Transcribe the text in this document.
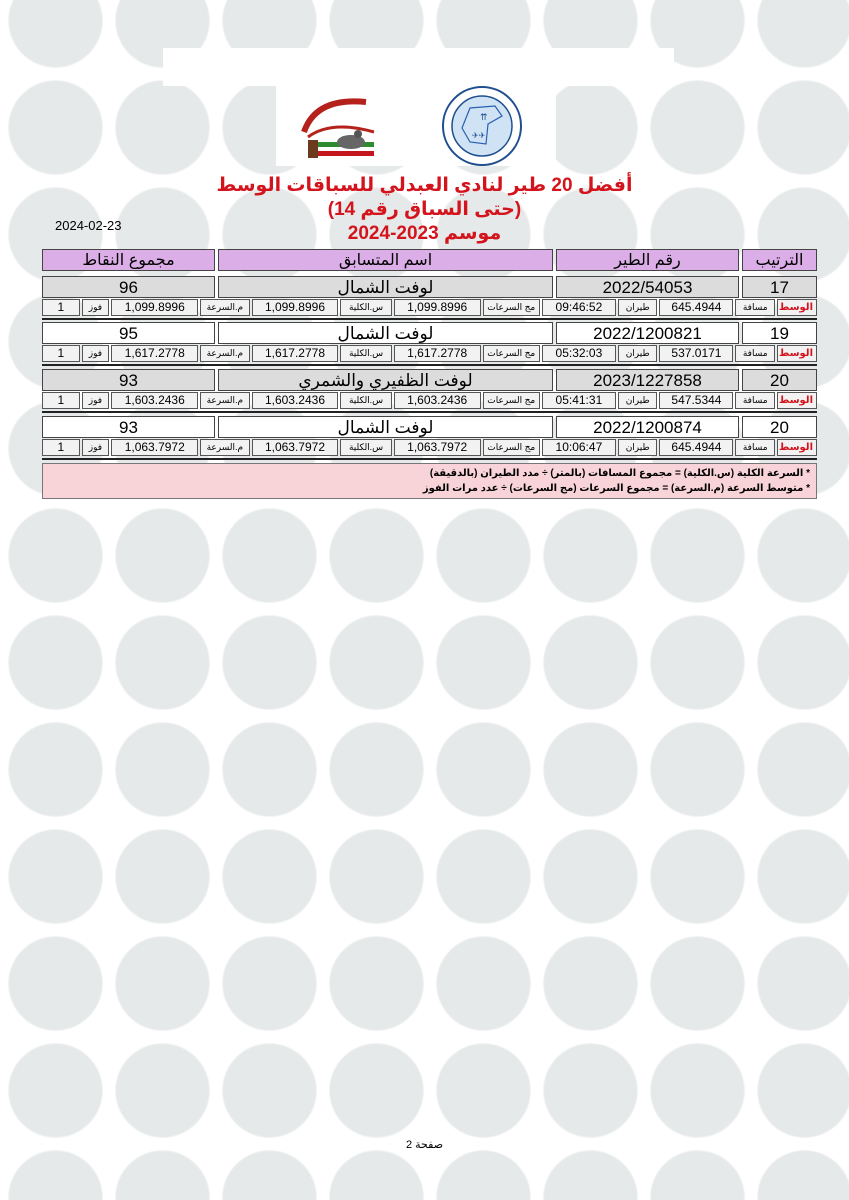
⇈
✈✈
أفضل 20 طير لنادي العبدلي للسباقات الوسط
(حتى السباق رقم 14)
موسم 2023-2024
2024-02-23
الترتيب
رقم الطير
اسم المتسابق
مجموع النقاط
17
2022/54053
لوفت الشمال
96
الوسط
مسافة
645.4944
طيران
09:46:52
مج السرعات
1,099.8996
س.الكلية
1,099.8996
م.السرعة
1,099.8996
فوز
1
19
2022/1200821
لوفت الشمال
95
الوسط
مسافة
537.0171
طيران
05:32:03
مج السرعات
1,617.2778
س.الكلية
1,617.2778
م.السرعة
1,617.2778
فوز
1
20
2023/1227858
لوفت الظفيري والشمري
93
الوسط
مسافة
547.5344
طيران
05:41:31
مج السرعات
1,603.2436
س.الكلية
1,603.2436
م.السرعة
1,603.2436
فوز
1
20
2022/1200874
لوفت الشمال
93
الوسط
مسافة
645.4944
طيران
10:06:47
مج السرعات
1,063.7972
س.الكلية
1,063.7972
م.السرعة
1,063.7972
فوز
1
* السرعة الكلية (س.الكلية) = مجموع المسافات (بالمتر) ÷ مدد الطيران (بالدقيقة)
* متوسط السرعة (م.السرعة) = مجموع السرعات (مج السرعات) ÷ عدد مرات الفوز
صفحة 2
